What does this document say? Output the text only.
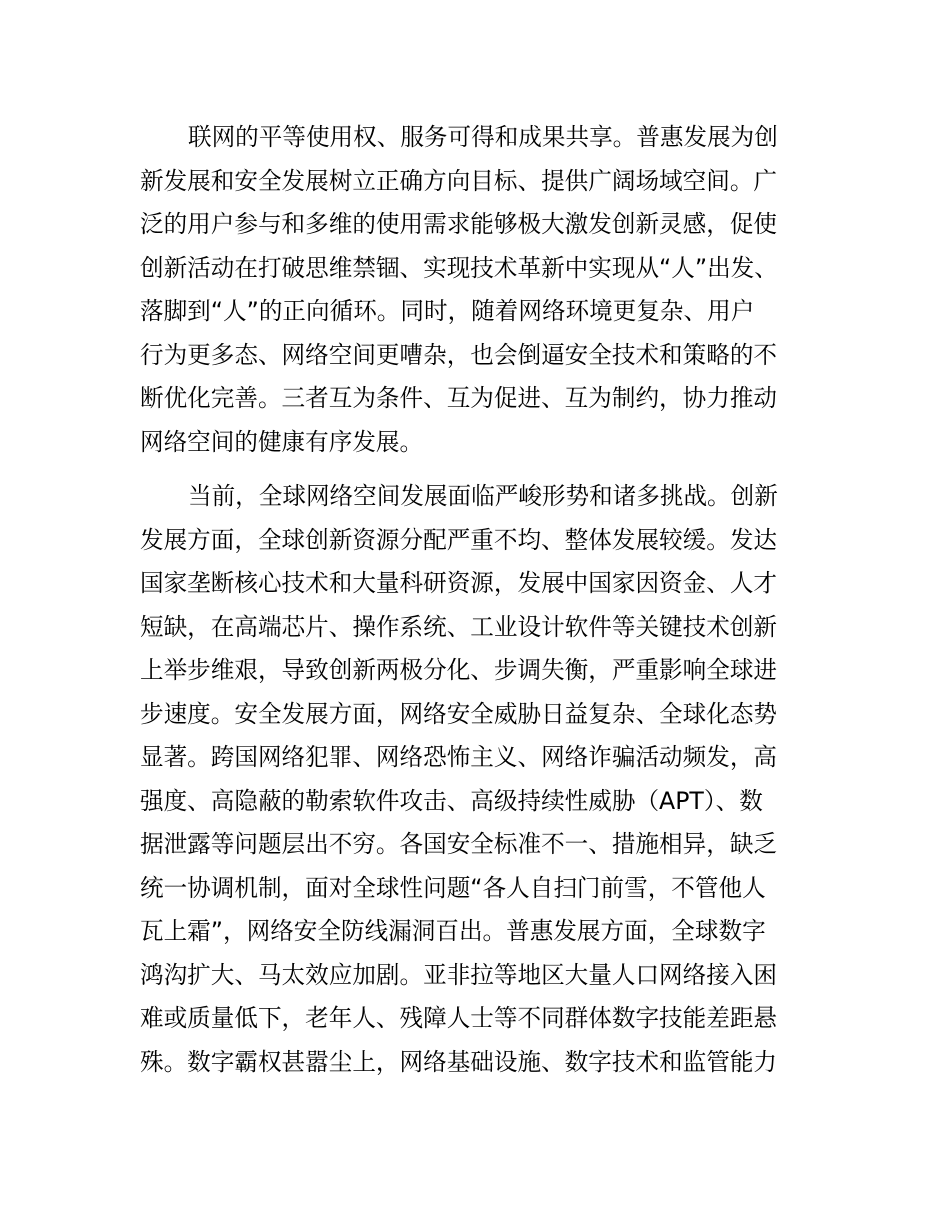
联网的平等使用权、服务可得和成果共享。普惠发展为创
新发展和安全发展树立正确方向目标、提供广阔场域空间。广
泛的用户参与和多维的使用需求能够极大激发创新灵感，促使
创新活动在打破思维禁锢、实现技术革新中实现从“人”出发、
落脚到“人”的正向循环。同时，随着网络环境更复杂、用户
行为更多态、网络空间更嘈杂，也会倒逼安全技术和策略的不
断优化完善。三者互为条件、互为促进、互为制约，协力推动
网络空间的健康有序发展。
当前，全球网络空间发展面临严峻形势和诸多挑战。创新
发展方面，全球创新资源分配严重不均、整体发展较缓。发达
国家垄断核心技术和大量科研资源，发展中国家因资金、人才
短缺，在高端芯片、操作系统、工业设计软件等关键技术创新
上举步维艰，导致创新两极分化、步调失衡，严重影响全球进
步速度。安全发展方面，网络安全威胁日益复杂、全球化态势
显著。跨国网络犯罪、网络恐怖主义、网络诈骗活动频发，高
强度、高隐蔽的勒索软件攻击、高级持续性威胁（APT）、数
据泄露等问题层出不穷。各国安全标准不一、措施相异，缺乏
统一协调机制，面对全球性问题“各人自扫门前雪，不管他人
瓦上霜”，网络安全防线漏洞百出。普惠发展方面，全球数字
鸿沟扩大、马太效应加剧。亚非拉等地区大量人口网络接入困
难或质量低下，老年人、残障人士等不同群体数字技能差距悬
殊。数字霸权甚嚣尘上，网络基础设施、数字技术和监管能力
